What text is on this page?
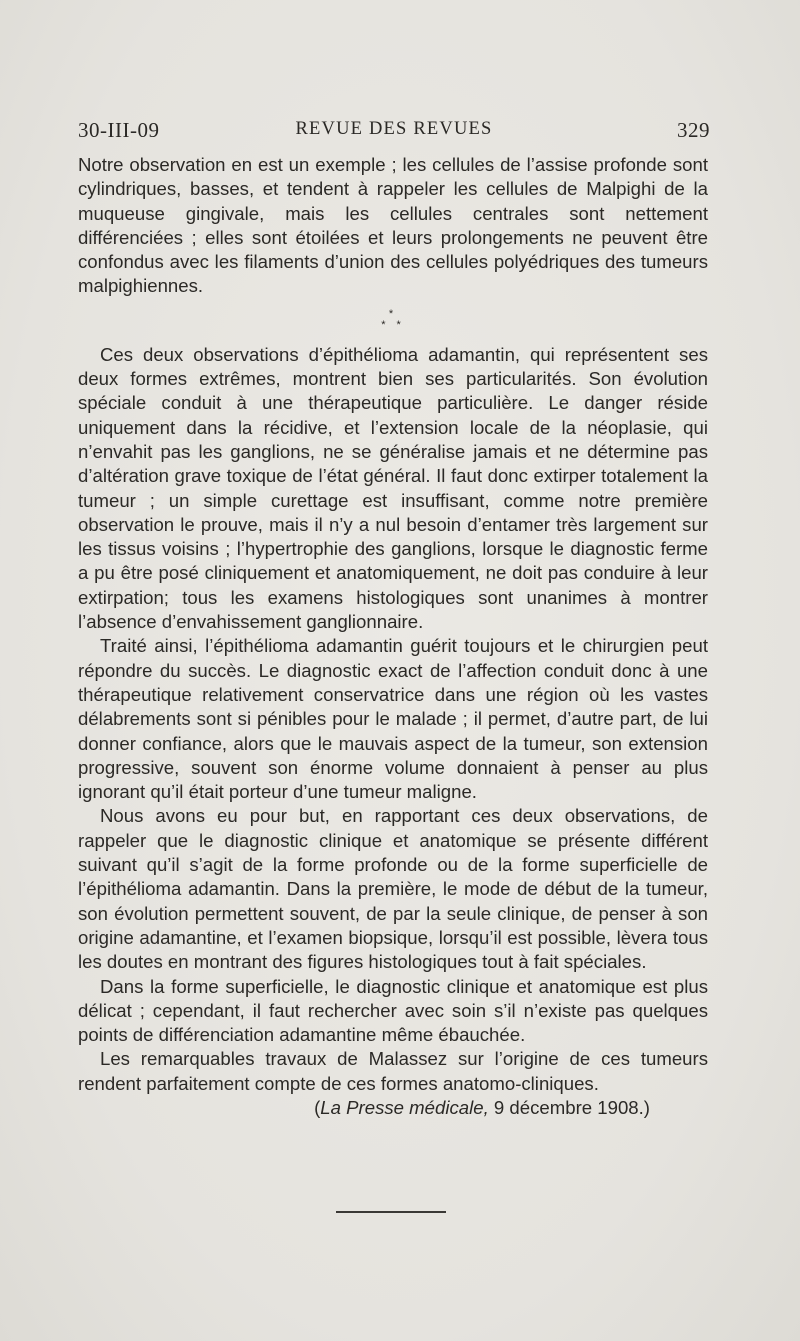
30-III-09	REVUE DES REVUES	329

Notre observation en est un exemple ; les cellules de l’assise profonde sont cylindriques, basses, et tendent à rappeler les cellules de Malpighi de la muqueuse gingivale, mais les cellules centrales sont nettement différenciées ; elles sont étoilées et leurs prolongements ne peuvent être confondus avec les filaments d’union des cellules polyédriques des tumeurs malpighiennes.

*
* *

Ces deux observations d’épithélioma adamantin, qui représentent ses deux formes extrêmes, montrent bien ses particularités. Son évolution spéciale conduit à une thérapeutique particulière. Le danger réside uniquement dans la récidive, et l’extension locale de la néoplasie, qui n’envahit pas les ganglions, ne se généralise jamais et ne détermine pas d’altération grave toxique de l’état général. Il faut donc extirper totalement la tumeur ; un simple curettage est insuffisant, comme notre première observation le prouve, mais il n’y a nul besoin d’entamer très largement sur les tissus voisins ; l’hypertrophie des ganglions, lorsque le diagnostic ferme a pu être posé cliniquement et anatomiquement, ne doit pas conduire à leur extirpation; tous les examens histologiques sont unanimes à montrer l’absence d’envahissement ganglionnaire.

Traité ainsi, l’épithélioma adamantin guérit toujours et le chirurgien peut répondre du succès. Le diagnostic exact de l’affection conduit donc à une thérapeutique relativement conservatrice dans une région où les vastes délabrements sont si pénibles pour le malade ; il permet, d’autre part, de lui donner confiance, alors que le mauvais aspect de la tumeur, son extension progressive, souvent son énorme volume donnaient à penser au plus ignorant qu’il était porteur d’une tumeur maligne.

Nous avons eu pour but, en rapportant ces deux observations, de rappeler que le diagnostic clinique et anatomique se présente différent suivant qu’il s’agit de la forme profonde ou de la forme superficielle de l’épithélioma adamantin. Dans la première, le mode de début de la tumeur, son évolution permettent souvent, de par la seule clinique, de penser à son origine adamantine, et l’examen biopsique, lorsqu’il est possible, lèvera tous les doutes en montrant des figures histologiques tout à fait spéciales.

Dans la forme superficielle, le diagnostic clinique et anatomique est plus délicat ; cependant, il faut rechercher avec soin s’il n’existe pas quelques points de différenciation adamantine même ébauchée.

Les remarquables travaux de Malassez sur l’origine de ces tumeurs rendent parfaitement compte de ces formes anatomo-cliniques.

(La Presse médicale, 9 décembre 1908.)
